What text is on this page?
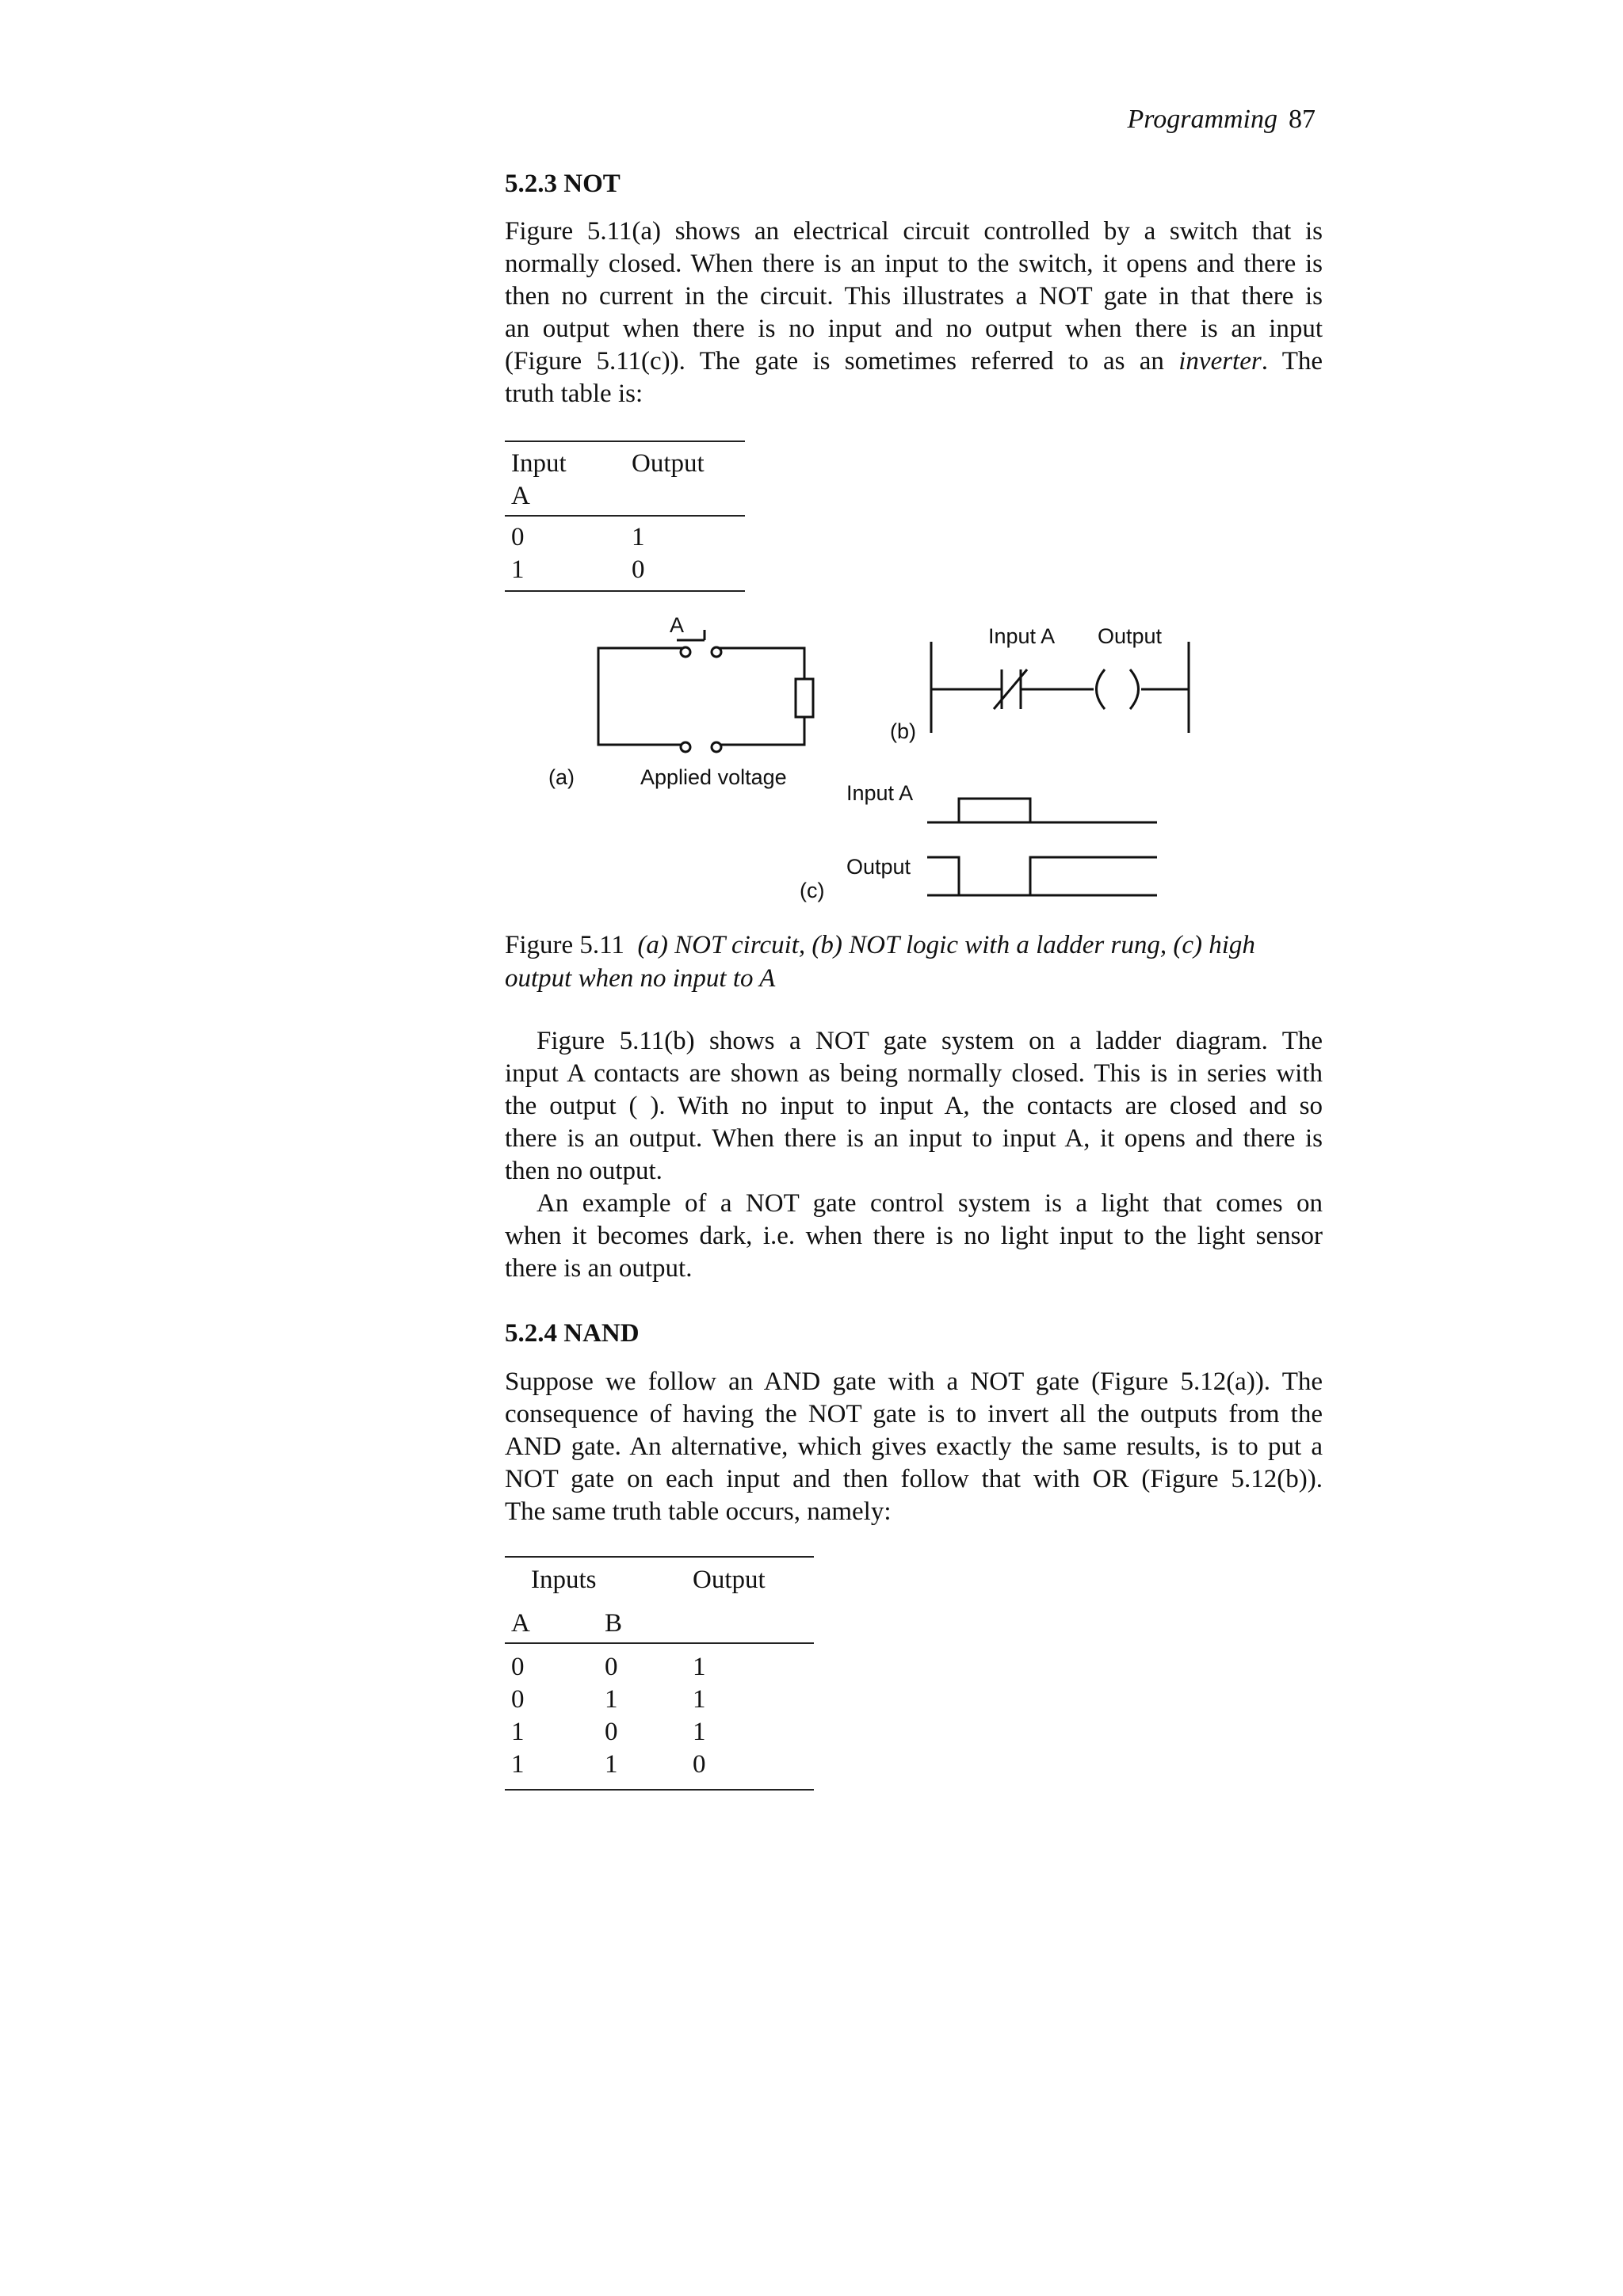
Programming 87
5.2.3 NOT
Figure 5.11(a) shows an electrical circuit controlled by a switch that is
normally closed. When there is an input to the switch, it opens and there is
then no current in the circuit. This illustrates a NOT gate in that there is
an output when there is no input and no output when there is an input
(Figure 5.11(c)). The gate is sometimes referred to as an inverter. The
truth table is:
Input Output
A
0	1
1	0
A
Applied voltage
(a)
(b)
(c)
Input A Output
Input A
Output
Figure 5.11 (a) NOT circuit, (b) NOT logic with a ladder rung, (c) high
output when no input to A
Figure 5.11(b) shows a NOT gate system on a ladder diagram. The
input A contacts are shown as being normally closed. This is in series with
the output ( ). With no input to input A, the contacts are closed and so
there is an output. When there is an input to input A, it opens and there is
then no output.
An example of a NOT gate control system is a light that comes on
when it becomes dark, i.e. when there is no light input to the light sensor
there is an output.
5.2.4 NAND
Suppose we follow an AND gate with a NOT gate (Figure 5.12(a)). The
consequence of having the NOT gate is to invert all the outputs from the
AND gate. An alternative, which gives exactly the same results, is to put a
NOT gate on each input and then follow that with OR (Figure 5.12(b)).
The same truth table occurs, namely:
Inputs	Output
A	B
0	0	1
0	1	1
1	0	1
1	1	0
